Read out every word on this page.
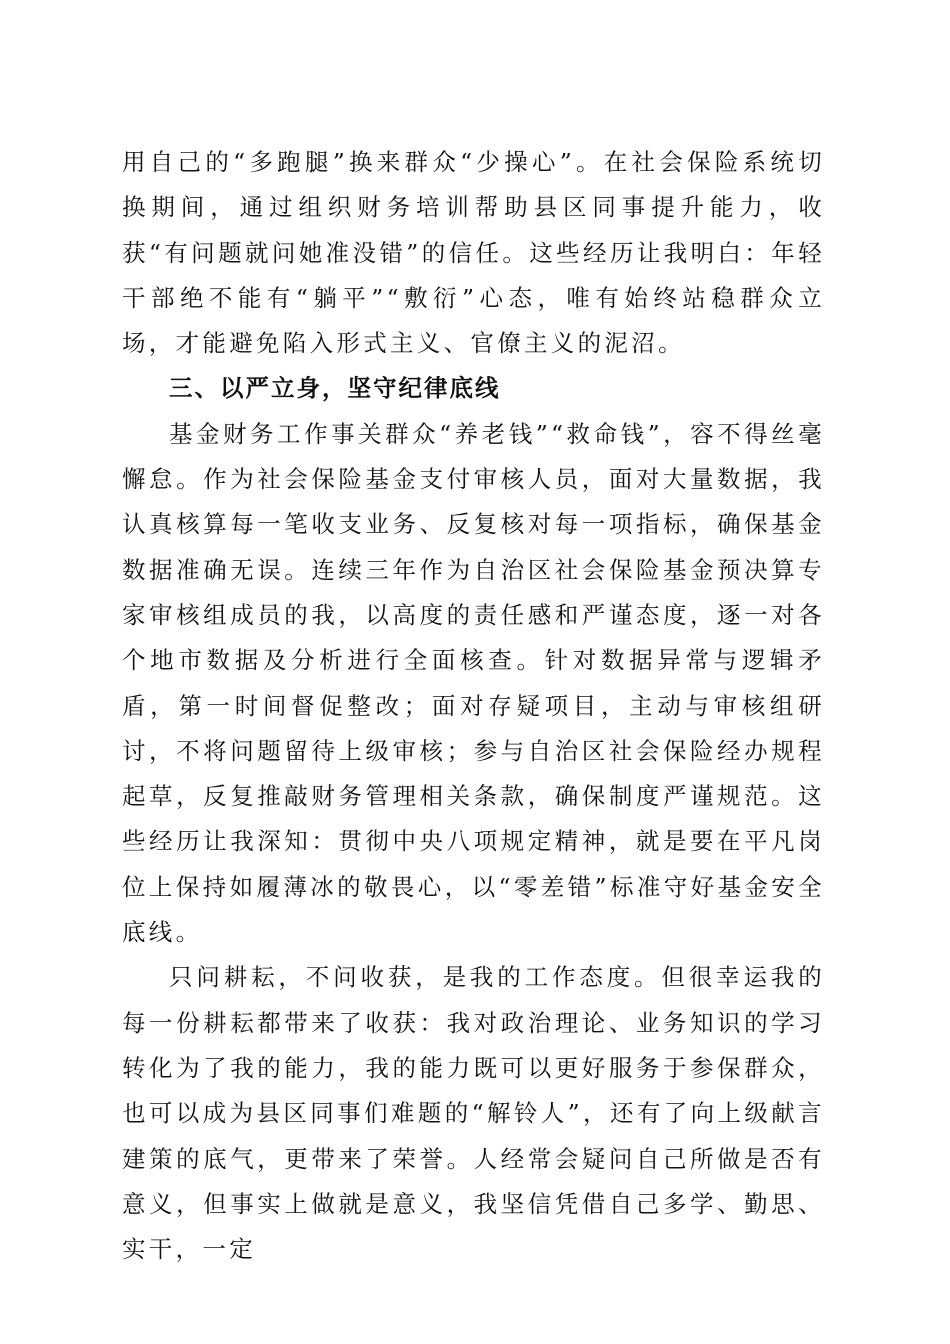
用自己的“多跑腿”换来群众“少操心”。在社会保险系统切换期间，通过组织财务培训帮助县区同事提升能力，收获“有问题就问她准没错”的信任。这些经历让我明白：年轻干部绝不能有“躺平”“敷衍”心态，唯有始终站稳群众立场，才能避免陷入形式主义、官僚主义的泥沼。

三、以严立身，坚守纪律底线

基金财务工作事关群众“养老钱”“救命钱”，容不得丝毫懈怠。作为社会保险基金支付审核人员，面对大量数据，我认真核算每一笔收支业务、反复核对每一项指标，确保基金数据准确无误。连续三年作为自治区社会保险基金预决算专家审核组成员的我，以高度的责任感和严谨态度，逐一对各个地市数据及分析进行全面核查。针对数据异常与逻辑矛盾，第一时间督促整改；面对存疑项目，主动与审核组研讨，不将问题留待上级审核；参与自治区社会保险经办规程起草，反复推敲财务管理相关条款，确保制度严谨规范。这些经历让我深知：贯彻中央八项规定精神，就是要在平凡岗位上保持如履薄冰的敬畏心，以“零差错”标准守好基金安全底线。

只问耕耘，不问收获，是我的工作态度。但很幸运我的每一份耕耘都带来了收获：我对政治理论、业务知识的学习转化为了我的能力，我的能力既可以更好服务于参保群众，也可以成为县区同事们难题的“解铃人”，还有了向上级献言建策的底气，更带来了荣誉。人经常会疑问自己所做是否有意义，但事实上做就是意义，我坚信凭借自己多学、勤思、实干，一定
